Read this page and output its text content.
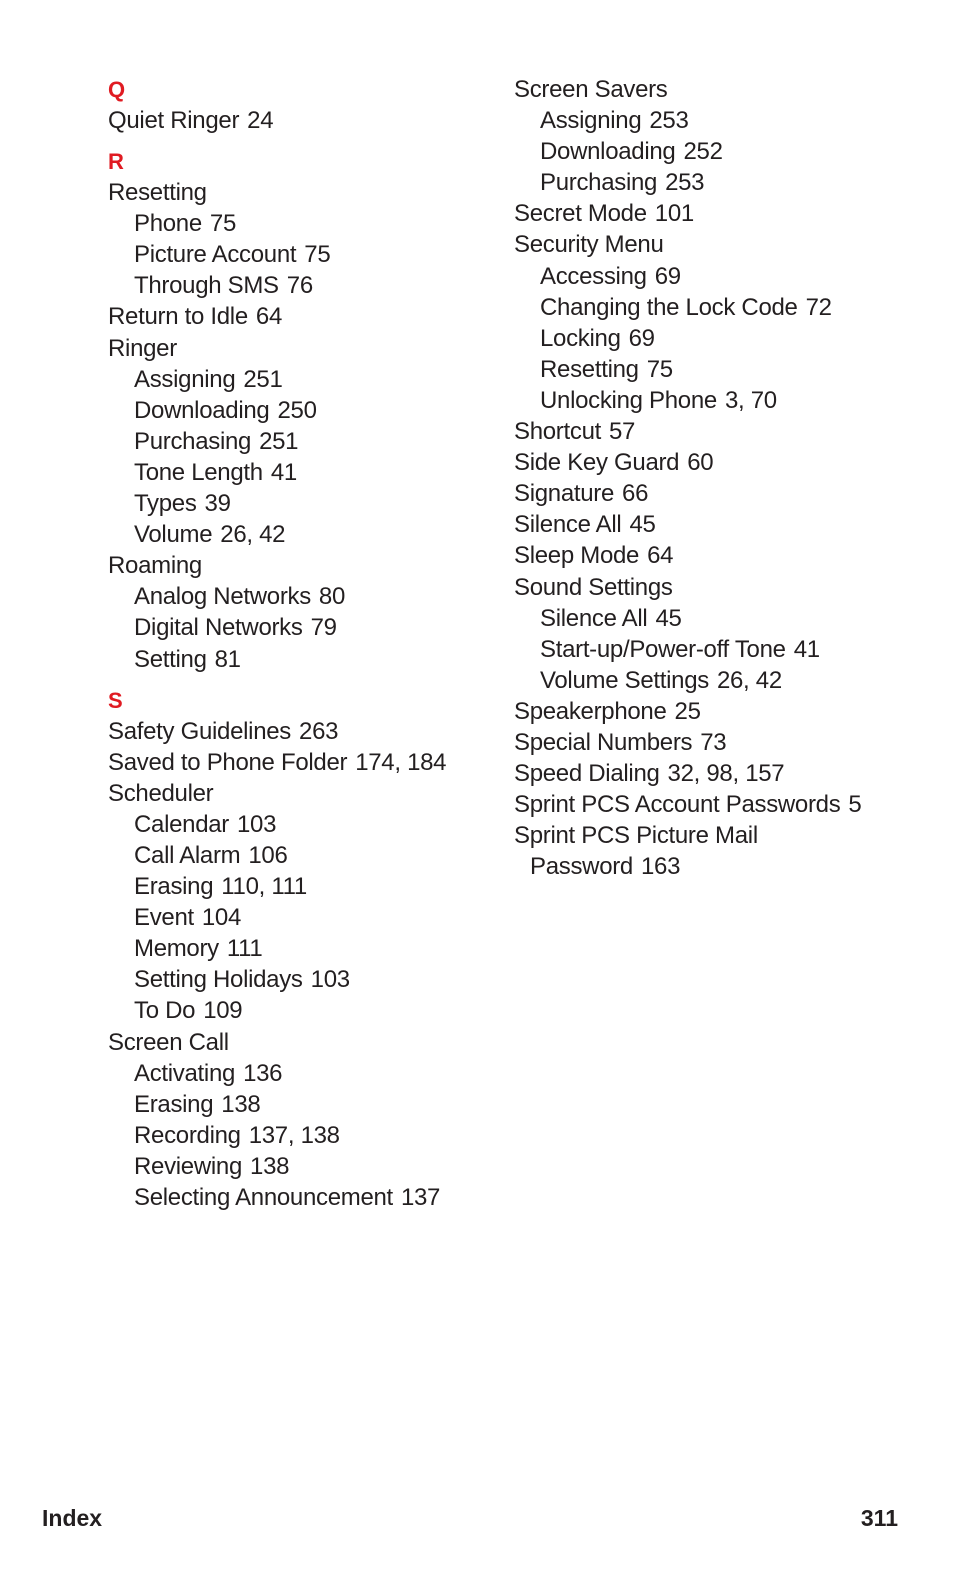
Q
Quiet Ringer 24
R
Resetting
Phone 75
Picture Account 75
Through SMS 76
Return to Idle 64
Ringer
Assigning 251
Downloading 250
Purchasing 251
Tone Length 41
Types 39
Volume 26, 42
Roaming
Analog Networks 80
Digital Networks 79
Setting 81
S
Safety Guidelines 263
Saved to Phone Folder 174, 184
Scheduler
Calendar 103
Call Alarm 106
Erasing 110, 111
Event 104
Memory 111
Setting Holidays 103
To Do 109
Screen Call
Activating 136
Erasing 138
Recording 137, 138
Reviewing 138
Selecting Announcement 137
Screen Savers
Assigning 253
Downloading 252
Purchasing 253
Secret Mode 101
Security Menu
Accessing 69
Changing the Lock Code 72
Locking 69
Resetting 75
Unlocking Phone 3, 70
Shortcut 57
Side Key Guard 60
Signature 66
Silence All 45
Sleep Mode 64
Sound Settings
Silence All 45
Start-up/Power-off Tone 41
Volume Settings 26, 42
Speakerphone 25
Special Numbers 73
Speed Dialing 32, 98, 157
Sprint PCS Account Passwords 5
Sprint PCS Picture Mail
Password 163
Index	311
